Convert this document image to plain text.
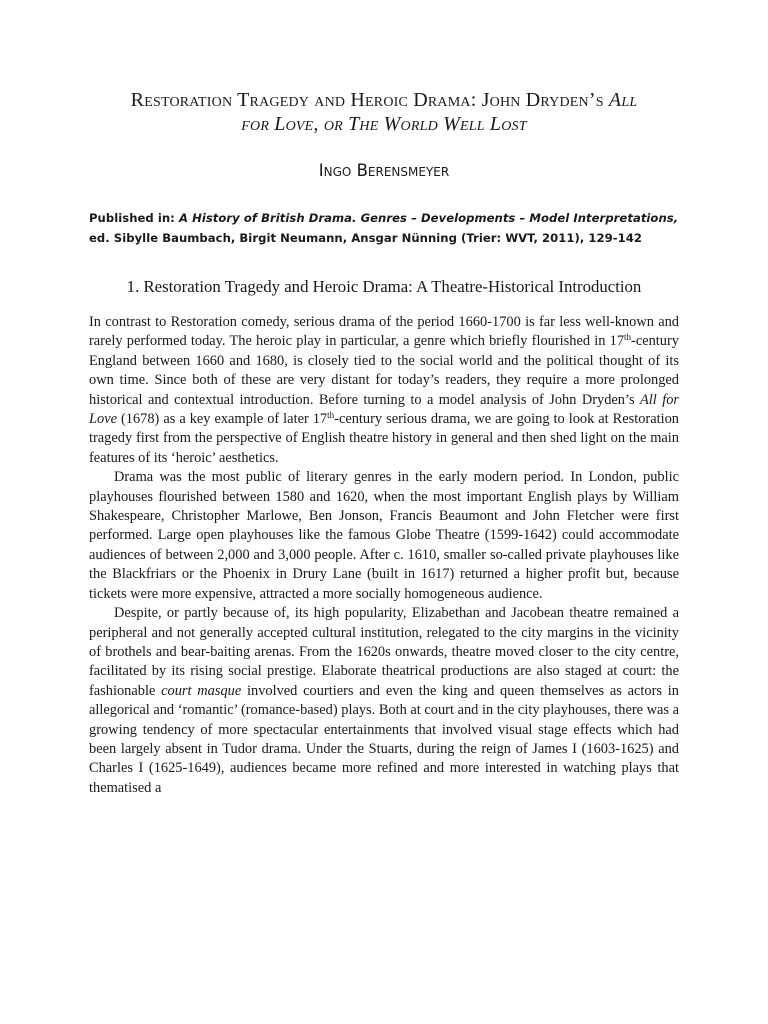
Restoration Tragedy and Heroic Drama: John Dryden’s All
for Love, or The World Well Lost
Ingo Berensmeyer

Published in: A History of British Drama. Genres – Developments – Model Interpretations, ed. Sibylle Baumbach, Birgit Neumann, Ansgar Nünning (Trier: WVT, 2011), 129-142

1. Restoration Tragedy and Heroic Drama: A Theatre-Historical Introduction

In contrast to Restoration comedy, serious drama of the period 1660-1700 is far less well-known and rarely performed today. The heroic play in particular, a genre which briefly flourished in 17th-century England between 1660 and 1680, is closely tied to the social world and the political thought of its own time. Since both of these are very distant for today’s readers, they require a more prolonged historical and contextual introduction. Before turning to a model analysis of John Dryden’s All for Love (1678) as a key example of later 17th-century serious drama, we are going to look at Restoration tragedy first from the perspective of English theatre history in general and then shed light on the main features of its ‘heroic’ aesthetics.

Drama was the most public of literary genres in the early modern period. In London, public playhouses flourished between 1580 and 1620, when the most important English plays by William Shakespeare, Christopher Marlowe, Ben Jonson, Francis Beaumont and John Fletcher were first performed. Large open playhouses like the famous Globe Theatre (1599-1642) could accommodate audiences of between 2,000 and 3,000 people. After c. 1610, smaller so-called private playhouses like the Blackfriars or the Phoenix in Drury Lane (built in 1617) returned a higher profit but, because tickets were more expensive, attracted a more socially homogeneous audience.

Despite, or partly because of, its high popularity, Elizabethan and Jacobean theatre remained a peripheral and not generally accepted cultural institution, relegated to the city margins in the vicinity of brothels and bear-baiting arenas. From the 1620s onwards, theatre moved closer to the city centre, facilitated by its rising social prestige. Elaborate theatrical productions are also staged at court: the fashionable court masque involved courtiers and even the king and queen themselves as actors in allegorical and ‘romantic’ (romance-based) plays. Both at court and in the city playhouses, there was a growing tendency of more spectacular entertainments that involved visual stage effects which had been largely absent in Tudor drama. Under the Stuarts, during the reign of James I (1603-1625) and Charles I (1625-1649), audiences became more refined and more interested in watching plays that thematised a
